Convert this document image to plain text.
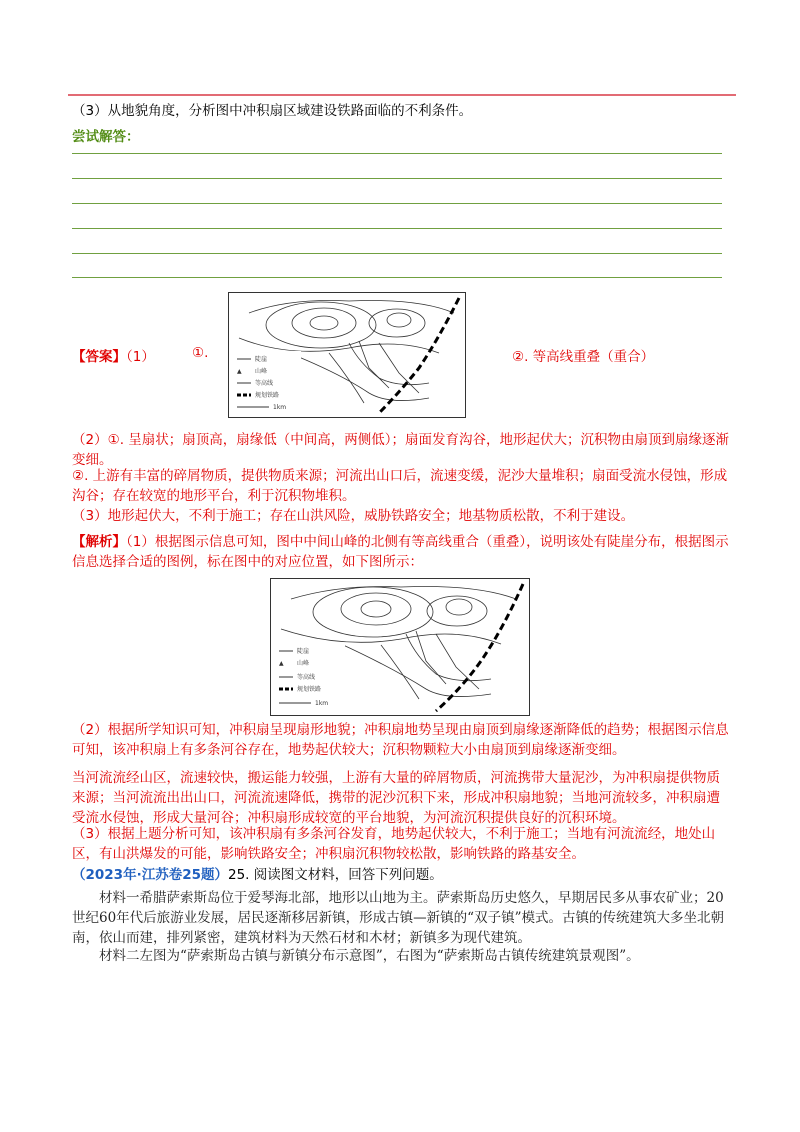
（3）从地貌角度，分析图中冲积扇区域建设铁路面临的不利条件。
尝试解答：
陡崖
▲ 山峰
等高线
规划铁路
1km
【答案】（1）	①.	②. 等高线重叠（重合）

（2）①. 呈扇状；扇顶高，扇缘低（中间高，两侧低）；扇面发育沟谷，地形起伏大；沉积物由扇顶到扇缘逐渐变细。

②. 上游有丰富的碎屑物质，提供物质来源；河流出山口后，流速变缓，泥沙大量堆积；扇面受流水侵蚀，形成沟谷；存在较宽的地形平台，利于沉积物堆积。

（3）地形起伏大，不利于施工；存在山洪风险，威胁铁路安全；地基物质松散，不利于建设。

【解析】（1）根据图示信息可知，图中中间山峰的北侧有等高线重合（重叠），说明该处有陡崖分布，根据图示信息选择合适的图例，标在图中的对应位置，如下图所示：

陡崖
▲ 山峰
等高线
规划铁路
1km

（2）根据所学知识可知，冲积扇呈现扇形地貌；冲积扇地势呈现由扇顶到扇缘逐渐降低的趋势；根据图示信息可知，该冲积扇上有多条河谷存在，地势起伏较大；沉积物颗粒大小由扇顶到扇缘逐渐变细。

当河流流经山区，流速较快，搬运能力较强，上游有大量的碎屑物质，河流携带大量泥沙，为冲积扇提供物质来源；当河流流出出山口，河流流速降低，携带的泥沙沉积下来，形成冲积扇地貌；当地河流较多，冲积扇遭受流水侵蚀，形成大量河谷；冲积扇形成较宽的平台地貌，为河流沉积提供良好的沉积环境。

（3）根据上题分析可知，该冲积扇有多条河谷发育，地势起伏较大，不利于施工；当地有河流流经，地处山区，有山洪爆发的可能，影响铁路安全；冲积扇沉积物较松散，影响铁路的路基安全。

（2023年·江苏卷25题）25. 阅读图文材料，回答下列问题。

材料一希腊萨索斯岛位于爱琴海北部，地形以山地为主。萨索斯岛历史悠久，早期居民多从事农矿业；20世纪60年代后旅游业发展，居民逐渐移居新镇，形成古镇—新镇的“双子镇”模式。古镇的传统建筑大多坐北朝南，依山而建，排列紧密，建筑材料为天然石材和木材；新镇多为现代建筑。

材料二左图为“萨索斯岛古镇与新镇分布示意图”，右图为“萨索斯岛古镇传统建筑景观图”。
